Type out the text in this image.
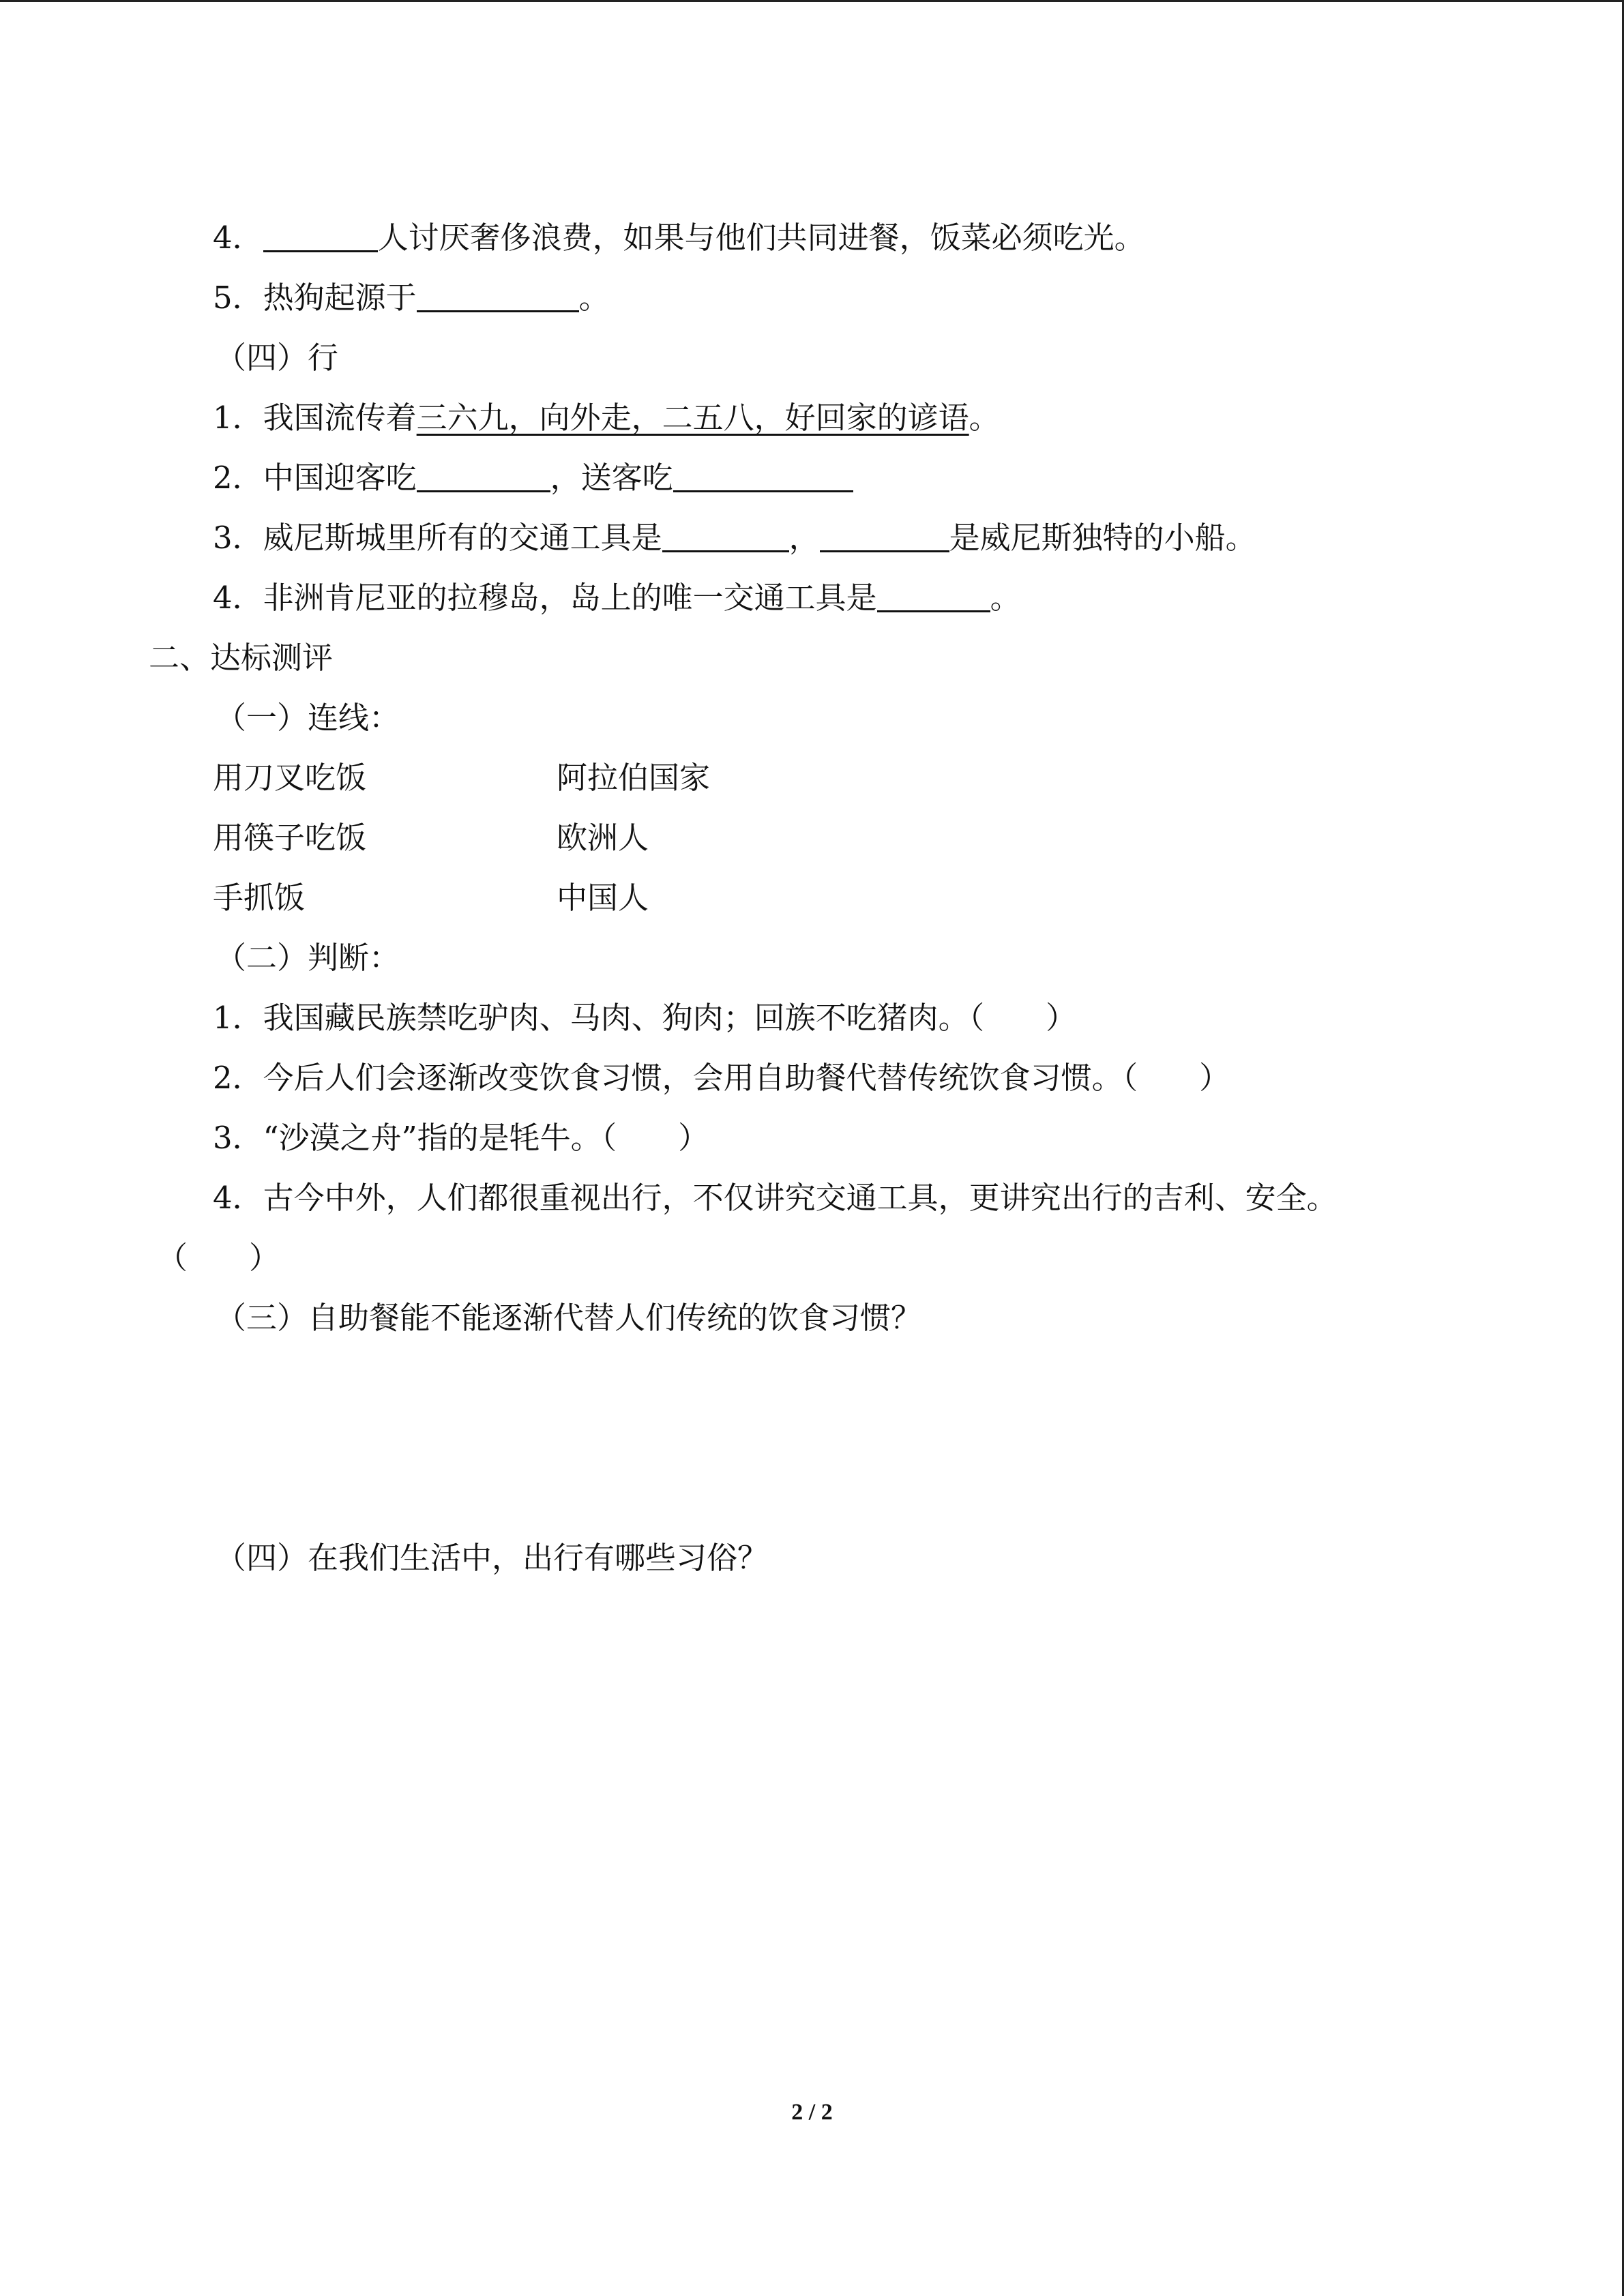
4．	人讨厌奢侈浪费，如果与他们共同进餐，饭菜必须吃光。
5．热狗起源于	。
（四）行
1．我国流传着三六九，向外走，二五八，好回家的谚语。
2．中国迎客吃	，送客吃
3．威尼斯城里所有的交通工具是	，	是威尼斯独特的小船。
4．非洲肯尼亚的拉穆岛，岛上的唯一交通工具是	。
二、达标测评
（一）连线：
用刀叉吃饭	阿拉伯国家
用筷子吃饭	欧洲人
手抓饭	中国人
（二）判断：
1．我国藏民族禁吃驴肉、马肉、狗肉；回族不吃猪肉。（　　）
2．今后人们会逐渐改变饮食习惯，会用自助餐代替传统饮食习惯。（　　）
3．“沙漠之舟”指的是牦牛。（　　）
4．古今中外，人们都很重视出行，不仅讲究交通工具，更讲究出行的吉利、安全。
（　　）
（三）自助餐能不能逐渐代替人们传统的饮食习惯？
（四）在我们生活中，出行有哪些习俗？
2 / 2
